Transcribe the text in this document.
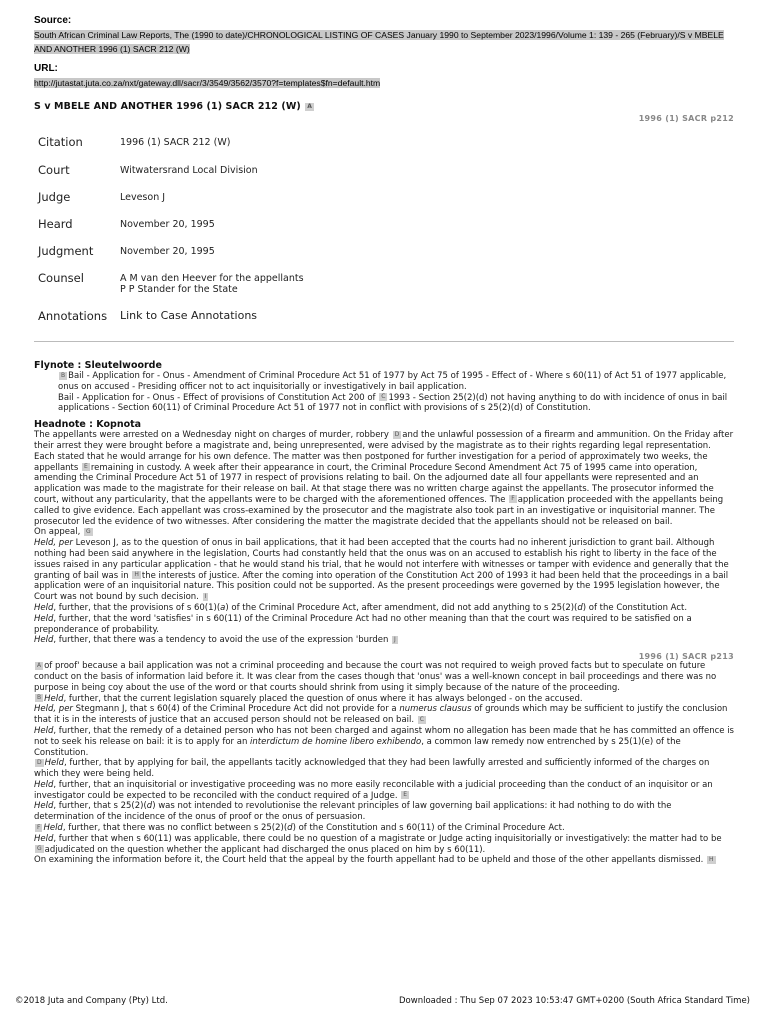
Source:
South African Criminal Law Reports, The (1990 to date)/CHRONOLOGICAL LISTING OF CASES January 1990 to September 2023/1996/Volume 1: 139 - 265 (February)/S v MBELE AND ANOTHER 1996 (1) SACR 212 (W)
URL:
http://jutastat.juta.co.za/nxt/gateway.dll/sacr/3/3549/3562/3570?f=templates$fn=default.htm
S v MBELE AND ANOTHER 1996 (1) SACR 212 (W) A
1996 (1) SACR p212
Citation	1996 (1) SACR 212 (W)
Court	Witwatersrand Local Division
Judge	Leveson J
Heard	November 20, 1995
Judgment	November 20, 1995
Counsel	A M van den Heever for the appellants
P P Stander for the State
Annotations	Link to Case Annotations
Flynote : Sleutelwoorde

B Bail - Application for - Onus - Amendment of Criminal Procedure Act 51 of 1977 by Act 75 of 1995 - Effect of - Where s 60(11) of Act 51 of 1977 applicable, onus on accused - Presiding officer not to act inquisitorially or investigatively in bail application.

Bail - Application for - Onus - Effect of provisions of Constitution Act 200 of C 1993 - Section 25(2)(d) not having anything to do with incidence of onus in bail applications - Section 60(11) of Criminal Procedure Act 51 of 1977 not in conflict with provisions of s 25(2)(d) of Constitution.

Headnote : Kopnota

The appellants were arrested on a Wednesday night on charges of murder, robbery D and the unlawful possession of a firearm and ammunition. On the Friday after their arrest they were brought before a magistrate and, being unrepresented, were advised by the magistrate as to their rights regarding legal representation. Each stated that he would arrange for his own defence. The matter was then postponed for further investigation for a period of approximately two weeks, the appellants E remaining in custody. A week after their appearance in court, the Criminal Procedure Second Amendment Act 75 of 1995 came into operation, amending the Criminal Procedure Act 51 of 1977 in respect of provisions relating to bail. On the adjourned date all four appellants were represented and an application was made to the magistrate for their release on bail. At that stage there was no written charge against the appellants. The prosecutor informed the court, without any particularity, that the appellants were to be charged with the aforementioned offences. The F application proceeded with the appellants being called to give evidence. Each appellant was cross-examined by the prosecutor and the magistrate also took part in an investigative or inquisitorial manner. The prosecutor led the evidence of two witnesses. After considering the matter the magistrate decided that the appellants should not be released on bail.

On appeal, G

Held, per Leveson J, as to the question of onus in bail applications, that it had been accepted that the courts had no inherent jurisdiction to grant bail. Although nothing had been said anywhere in the legislation, Courts had constantly held that the onus was on an accused to establish his right to liberty in the face of the issues raised in any particular application - that he would stand his trial, that he would not interfere with witnesses or tamper with evidence and generally that the granting of bail was in H the interests of justice. After the coming into operation of the Constitution Act 200 of 1993 it had been held that the proceedings in a bail application were of an inquisitorial nature. This position could not be supported. As the present proceedings were governed by the 1995 legislation however, the Court was not bound by such decision. I

Held, further, that the provisions of s 60(1)(a) of the Criminal Procedure Act, after amendment, did not add anything to s 25(2)(d) of the Constitution Act.

Held, further, that the word 'satisfies' in s 60(11) of the Criminal Procedure Act had no other meaning than that the court was required to be satisfied on a preponderance of probability.

Held, further, that there was a tendency to avoid the use of the expression 'burden J

1996 (1) SACR p213

A of proof' because a bail application was not a criminal proceeding and because the court was not required to weigh proved facts but to speculate on future conduct on the basis of information laid before it. It was clear from the cases though that 'onus' was a well-known concept in bail proceedings and there was no purpose in being coy about the use of the word or that courts should shrink from using it simply because of the nature of the proceeding.

B Held, further, that the current legislation squarely placed the question of onus where it has always belonged - on the accused.

Held, per Stegmann J, that s 60(4) of the Criminal Procedure Act did not provide for a numerus clausus of grounds which may be sufficient to justify the conclusion that it is in the interests of justice that an accused person should not be released on bail. C

Held, further, that the remedy of a detained person who has not been charged and against whom no allegation has been made that he has committed an offence is not to seek his release on bail: it is to apply for an interdictum de homine libero exhibendo, a common law remedy now entrenched by s 25(1)(e) of the Constitution.

D Held, further, that by applying for bail, the appellants tacitly acknowledged that they had been lawfully arrested and sufficiently informed of the charges on which they were being held.

Held, further, that an inquisitorial or investigative proceeding was no more easily reconcilable with a judicial proceeding than the conduct of an inquisitor or an investigator could be expected to be reconciled with the conduct required of a Judge. E

Held, further, that s 25(2)(d) was not intended to revolutionise the relevant principles of law governing bail applications: it had nothing to do with the determination of the incidence of the onus of proof or the onus of persuasion.

F Held, further, that there was no conflict between s 25(2)(d) of the Constitution and s 60(11) of the Criminal Procedure Act.

Held, further that when s 60(11) was applicable, there could be no question of a magistrate or Judge acting inquisitorially or investigatively: the matter had to be G adjudicated on the question whether the applicant had discharged the onus placed on him by s 60(11).

On examining the information before it, the Court held that the appeal by the fourth appellant had to be upheld and those of the other appellants dismissed. H

©2018 Juta and Company (Pty) Ltd.	Downloaded : Thu Sep 07 2023 10:53:47 GMT+0200 (South Africa Standard Time)
